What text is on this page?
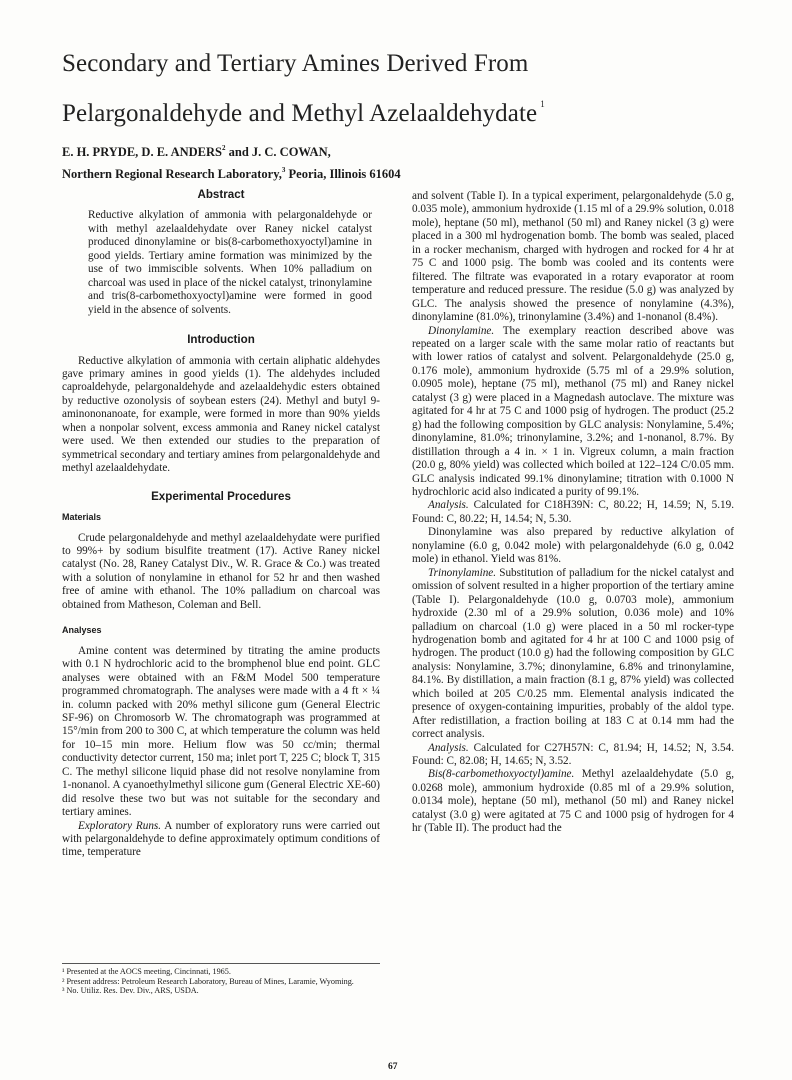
Secondary and Tertiary Amines Derived From
Pelargonaldehyde and Methyl Azelaaldehydate $^1$
E. H. PRYDE, D. E. ANDERS$^2$ and J. C. COWAN,
Northern Regional Research Laboratory,$^3$ Peoria, Illinois 61604
Abstract

Reductive alkylation of ammonia with pelargonaldehyde or with methyl azelaaldehydate over Raney nickel catalyst produced dinonylamine or bis(8-carbomethoxyoctyl)amine in good yields. Tertiary amine formation was minimized by the use of two immiscible solvents. When 10% palladium on charcoal was used in place of the nickel catalyst, trinonylamine and tris(8-carbomethoxyoctyl)amine were formed in good yield in the absence of solvents.

Introduction

Reductive alkylation of ammonia with certain aliphatic aldehydes gave primary amines in good yields (1). The aldehydes included caproaldehyde, pelargonaldehyde and azelaaldehydic esters obtained by reductive ozonolysis of soybean esters (24). Methyl and butyl 9-aminononanoate, for example, were formed in more than 90% yields when a nonpolar solvent, excess ammonia and Raney nickel catalyst were used. We then extended our studies to the preparation of symmetrical secondary and tertiary amines from pelargonaldehyde and methyl azelaaldehydate.

Experimental Procedures
Materials

Crude pelargonaldehyde and methyl azelaaldehydate were purified to 99%+ by sodium bisulfite treatment (17). Active Raney nickel catalyst (No. 28, Raney Catalyst Div., W. R. Grace & Co.) was treated with a solution of nonylamine in ethanol for 52 hr and then washed free of amine with ethanol. The 10% palladium on charcoal was obtained from Matheson, Coleman and Bell.

Analyses

Amine content was determined by titrating the amine products with 0.1 N hydrochloric acid to the bromphenol blue end point. GLC analyses were obtained with an F&M Model 500 temperature programmed chromatograph. The analyses were made with a 4 ft × ¼ in. column packed with 20% methyl silicone gum (General Electric SF-96) on Chromosorb W. The chromatograph was programmed at 15°/min from 200 to 300 C, at which temperature the column was held for 10–15 min more. Helium flow was 50 cc/min; thermal conductivity detector current, 150 ma; inlet port T, 225 C; block T, 315 C. The methyl silicone liquid phase did not resolve nonylamine from 1-nonanol. A cyanoethylmethyl silicone gum (General Electric XE-60) did resolve these two but was not suitable for the secondary and tertiary amines.

Exploratory Runs. A number of exploratory runs were carried out with pelargonaldehyde to define approximately optimum conditions of time, temperature

¹ Presented at the AOCS meeting, Cincinnati, 1965.
² Present address: Petroleum Research Laboratory, Bureau of Mines, Laramie, Wyoming.
³ No. Utiliz. Res. Dev. Div., ARS, USDA.

and solvent (Table I). In a typical experiment, pelargonaldehyde (5.0 g, 0.035 mole), ammonium hydroxide (1.15 ml of a 29.9% solution, 0.018 mole), heptane (50 ml), methanol (50 ml) and Raney nickel (3 g) were placed in a 300 ml hydrogenation bomb. The bomb was sealed, placed in a rocker mechanism, charged with hydrogen and rocked for 4 hr at 75 C and 1000 psig. The bomb was cooled and its contents were filtered. The filtrate was evaporated in a rotary evaporator at room temperature and reduced pressure. The residue (5.0 g) was analyzed by GLC. The analysis showed the presence of nonylamine (4.3%), dinonylamine (81.0%), trinonylamine (3.4%) and 1-nonanol (8.4%).

Dinonylamine. The exemplary reaction described above was repeated on a larger scale with the same molar ratio of reactants but with lower ratios of catalyst and solvent. Pelargonaldehyde (25.0 g, 0.176 mole), ammonium hydroxide (5.75 ml of a 29.9% solution, 0.0905 mole), heptane (75 ml), methanol (75 ml) and Raney nickel catalyst (3 g) were placed in a Magnedash autoclave. The mixture was agitated for 4 hr at 75 C and 1000 psig of hydrogen. The product (25.2 g) had the following composition by GLC analysis: Nonylamine, 5.4%; dinonylamine, 81.0%; trinonylamine, 3.2%; and 1-nonanol, 8.7%. By distillation through a 4 in. × 1 in. Vigreux column, a main fraction (20.0 g, 80% yield) was collected which boiled at 122–124 C/0.05 mm. GLC analysis indicated 99.1% dinonylamine; titration with 0.1000 N hydrochloric acid also indicated a purity of 99.1%.

Analysis. Calculated for C18H39N: C, 80.22; H, 14.59; N, 5.19. Found: C, 80.22; H, 14.54; N, 5.30.

Dinonylamine was also prepared by reductive alkylation of nonylamine (6.0 g, 0.042 mole) with pelargonaldehyde (6.0 g, 0.042 mole) in ethanol. Yield was 81%.

Trinonylamine. Substitution of palladium for the nickel catalyst and omission of solvent resulted in a higher proportion of the tertiary amine (Table I). Pelargonaldehyde (10.0 g, 0.0703 mole), ammonium hydroxide (2.30 ml of a 29.9% solution, 0.036 mole) and 10% palladium on charcoal (1.0 g) were placed in a 50 ml rocker-type hydrogenation bomb and agitated for 4 hr at 100 C and 1000 psig of hydrogen. The product (10.0 g) had the following composition by GLC analysis: Nonylamine, 3.7%; dinonylamine, 6.8% and trinonylamine, 84.1%. By distillation, a main fraction (8.1 g, 87% yield) was collected which boiled at 205 C/0.25 mm. Elemental analysis indicated the presence of oxygen-containing impurities, probably of the aldol type. After redistillation, a fraction boiling at 183 C at 0.14 mm had the correct analysis.

Analysis. Calculated for C27H57N: C, 81.94; H, 14.52; N, 3.54. Found: C, 82.08; H, 14.65; N, 3.52.

Bis(8-carbomethoxyoctyl)amine. Methyl azelaaldehydate (5.0 g, 0.0268 mole), ammonium hydroxide (0.85 ml of a 29.9% solution, 0.0134 mole), heptane (50 ml), methanol (50 ml) and Raney nickel catalyst (3.0 g) were agitated at 75 C and 1000 psig of hydrogen for 4 hr (Table II). The product had the

67
